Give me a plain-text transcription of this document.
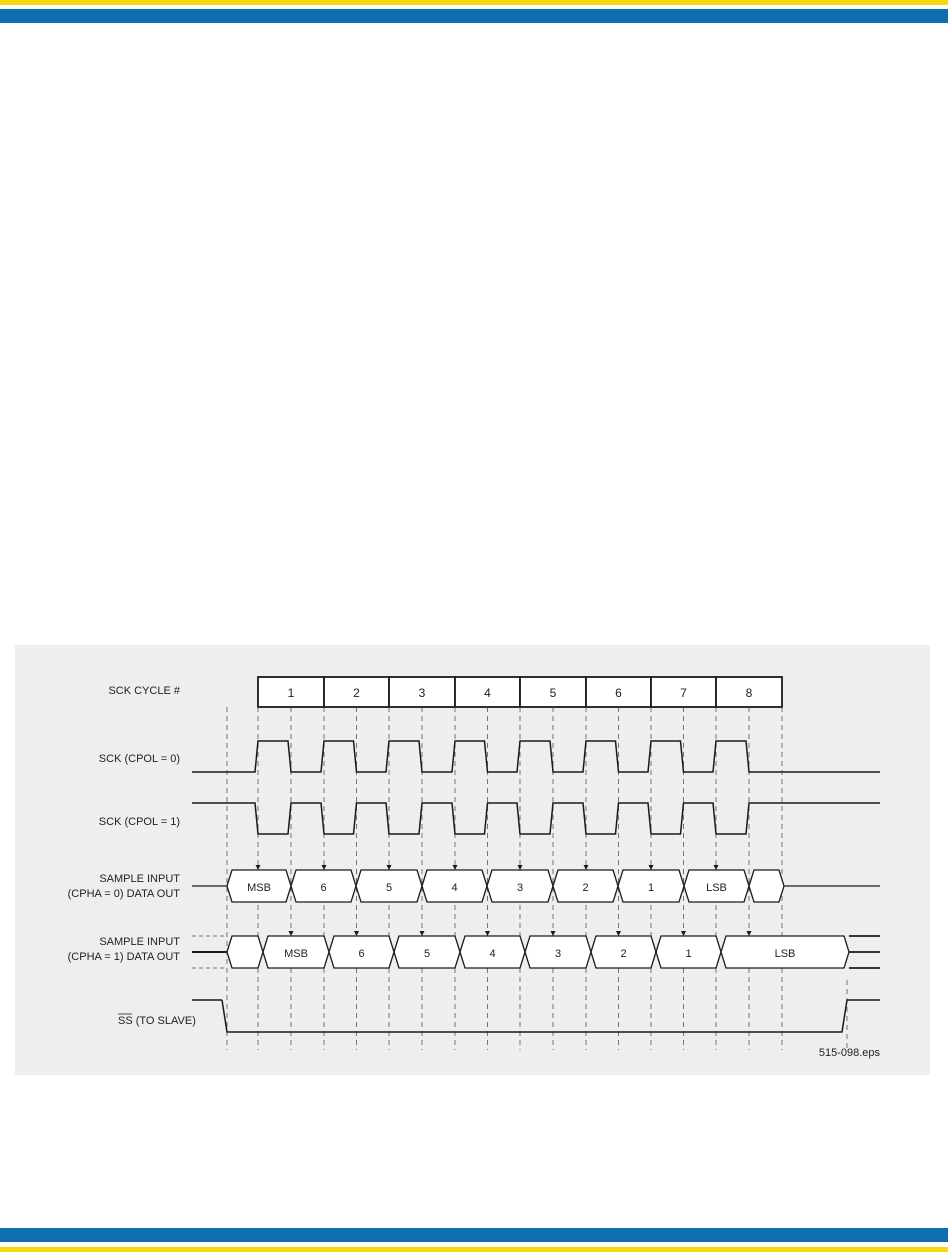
SCK CYCLE #
SCK (CPOL = 0)
SCK (CPOL = 1)
SAMPLE INPUT
(CPHA = 0) DATA OUT
SAMPLE INPUT
(CPHA = 1) DATA OUT
SS (TO SLAVE)
515-098.eps
1	2	3	4	5	6	7	8
MSB	6	5	4	3	2	1	LSB
MSB	6	5	4	3	2	1	LSB
